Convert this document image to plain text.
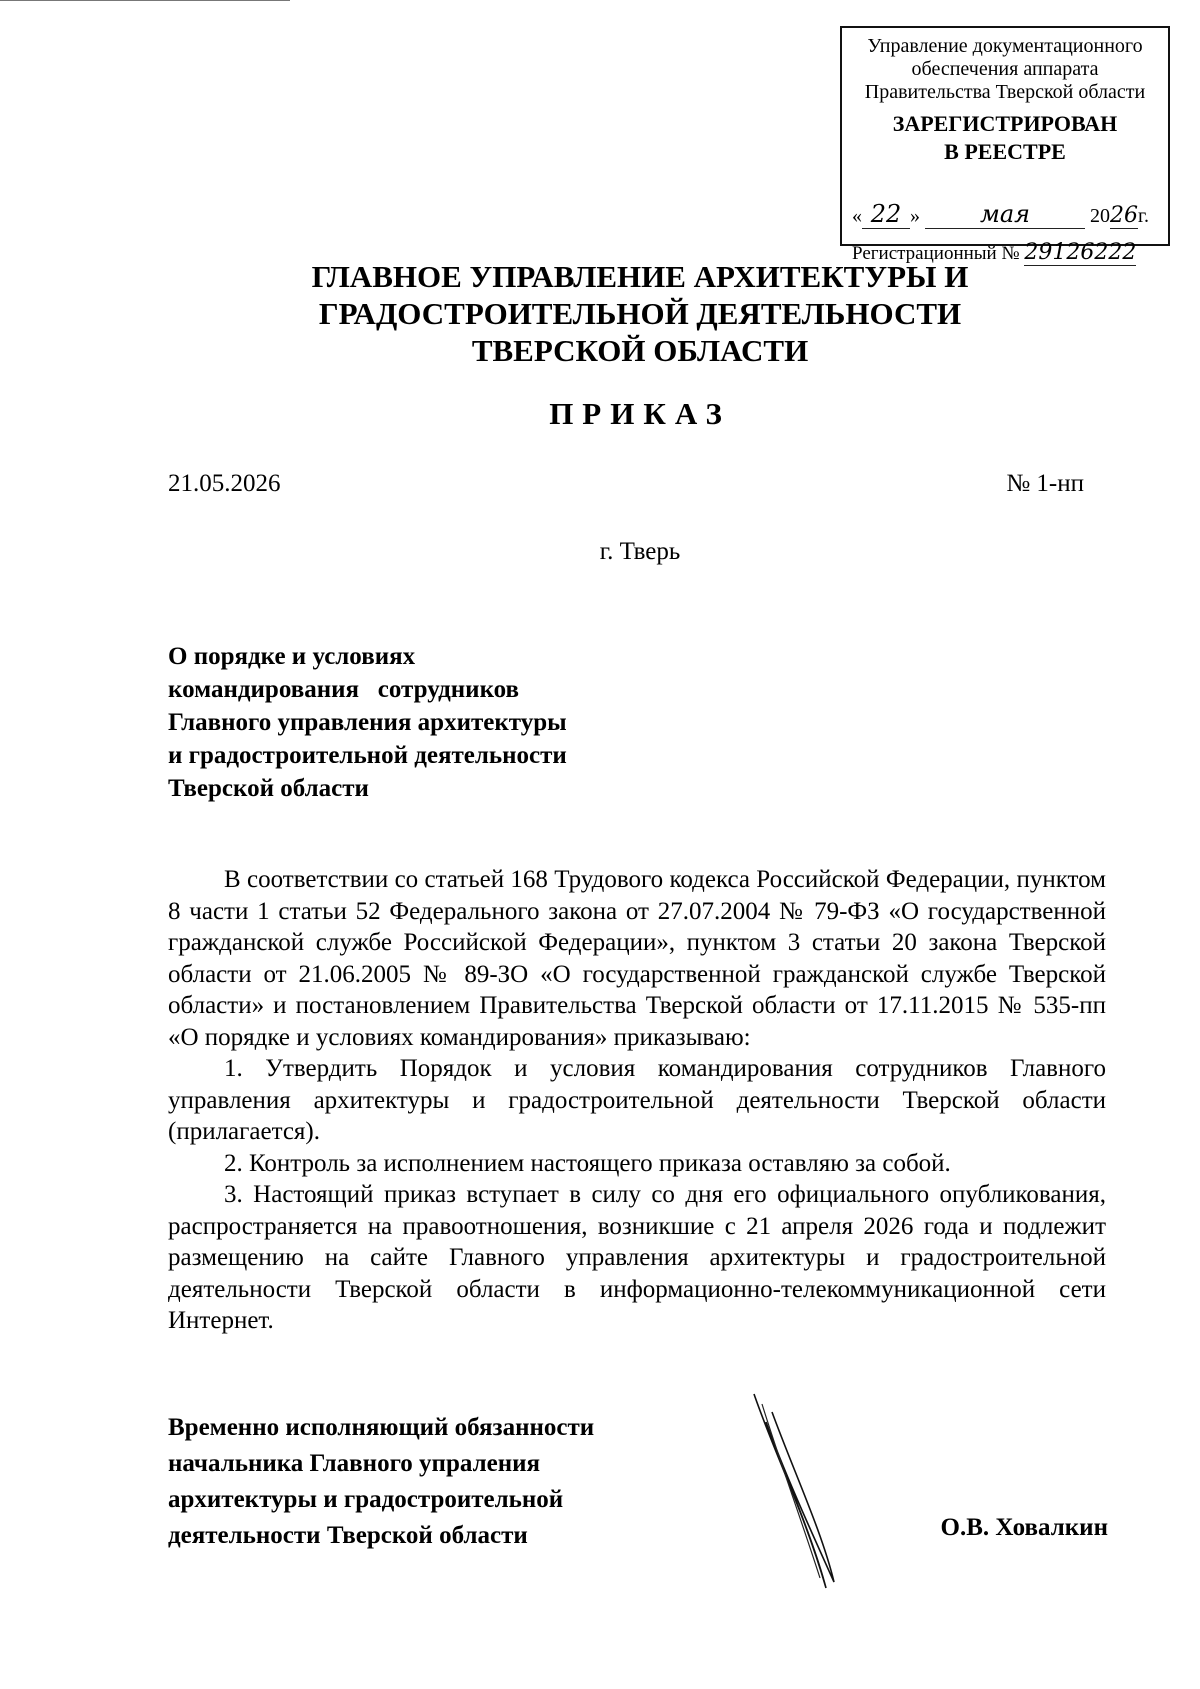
Управление документационного
обеспечения аппарата
Правительства Тверской области
ЗАРЕГИСТРИРОВАН
В РЕЕСТРЕ
« 22 » мая	2026г.
Регистрационный № 29126222
ГЛАВНОЕ УПРАВЛЕНИЕ АРХИТЕКТУРЫ И
ГРАДОСТРОИТЕЛЬНОЙ ДЕЯТЕЛЬНОСТИ
ТВЕРСКОЙ ОБЛАСТИ
ПРИКАЗ
21.05.2026	№ 1-нп
г. Тверь
О порядке и условиях
командирования   сотрудников
Главного управления архитектуры
и градостроительной деятельности
Тверской области

В соответствии со статьей 168 Трудового кодекса Российской Федерации, пунктом 8 части 1 статьи 52 Федерального закона от 27.07.2004 № 79-ФЗ «О государственной гражданской службе Российской Федерации», пунктом 3 статьи 20 закона Тверской области от 21.06.2005 № 89-ЗО «О государственной гражданской службе Тверской области» и постановлением Правительства Тверской области от 17.11.2015 № 535-пп «О порядке и условиях командирования» приказываю:

1. Утвердить Порядок и условия командирования сотрудников Главного управления архитектуры и градостроительной деятельности Тверской области (прилагается).

2. Контроль за исполнением настоящего приказа оставляю за собой.

3. Настоящий приказ вступает в силу со дня его официального опубликования, распространяется на правоотношения, возникшие с 21 апреля 2026 года и подлежит размещению на сайте Главного управления архитектуры и градостроительной деятельности Тверской области в информационно-телекоммуникационной сети Интернет.

Временно исполняющий обязанности
начальника Главного упраления
архитектуры и градостроительной
деятельности Тверской области	О.В. Ховалкин
